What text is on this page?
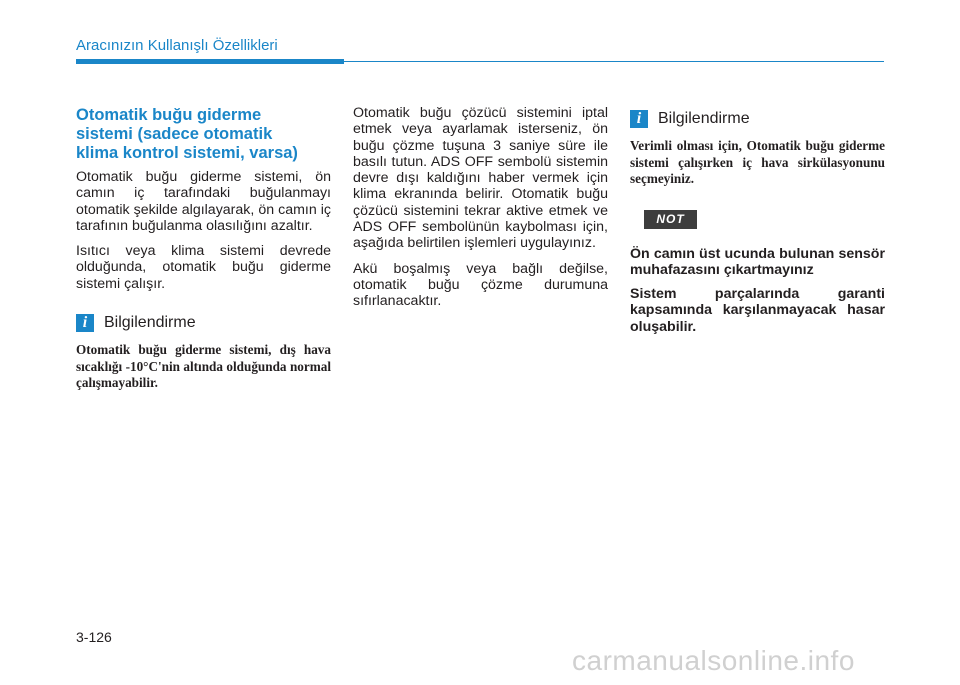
Aracınızın Kullanışlı Özellikleri
Otomatik buğu giderme
sistemi (sadece otomatik
klima kontrol sistemi, varsa)

Otomatik buğu giderme sistemi, ön camın iç tarafındaki buğulanmayı otomatik şekilde algılayarak, ön camın iç tarafının buğulanma olasılığını azaltır.

Isıtıcı veya klima sistemi devrede olduğunda, otomatik buğu giderme sistemi çalışır.

i	Bilgilendirme

Otomatik buğu giderme sistemi, dış hava sıcaklığı -10°C'nin altında olduğunda normal çalışmayabilir.

Otomatik buğu çözücü sistemini iptal etmek veya ayarlamak isterseniz, ön buğu çözme tuşuna 3 saniye süre ile basılı tutun. ADS OFF sembolü sistemin devre dışı kaldığını haber vermek için klima ekranında belirir. Otomatik buğu çözücü sistemini tekrar aktive etmek ve ADS OFF sembolünün kaybolması için, aşağıda belirtilen işlemleri uygulayınız.

Akü boşalmış veya bağlı değilse, otomatik buğu çözme durumuna sıfırlanacaktır.

i	Bilgilendirme

Verimli olması için, Otomatik buğu giderme sistemi çalışırken iç hava sirkülasyonunu seçmeyiniz.

NOT

Ön camın üst ucunda bulunan sensör muhafazasını çıkartmayınız

Sistem parçalarında garanti kapsamında karşılanmayacak hasar oluşabilir.

3-126
carmanualsonline.info
